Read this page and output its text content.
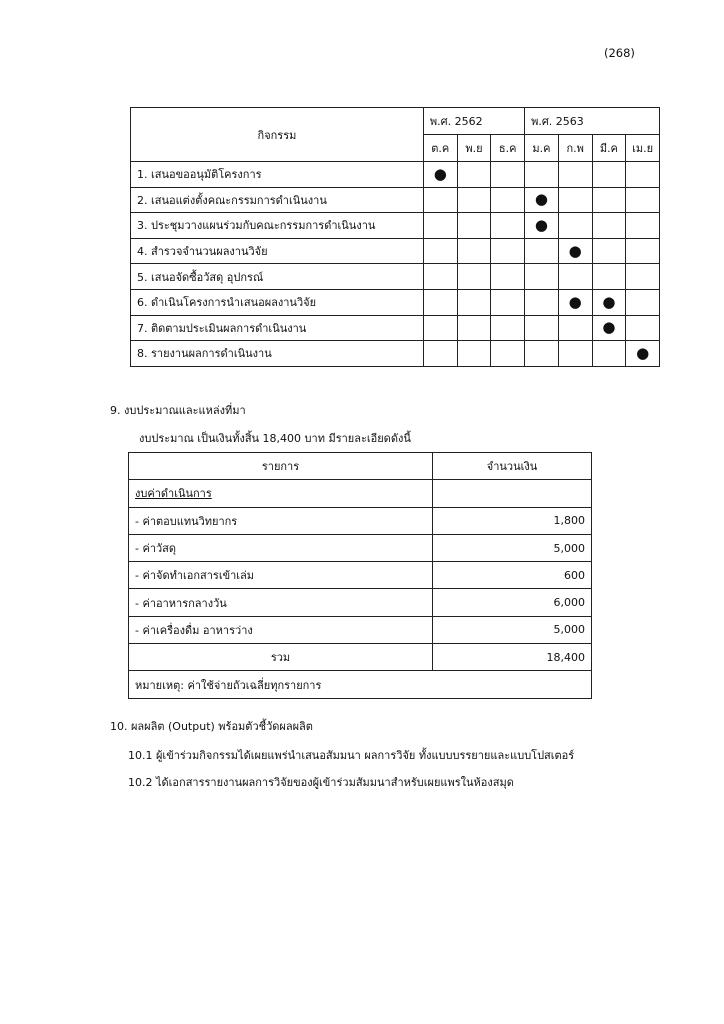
(268)
กิจกรรม	พ.ศ. 2562			พ.ศ. 2563			
	ต.ค	พ.ย	ธ.ค	ม.ค	ก.พ	มี.ค	เม.ย
1. เสนอขออนุมัติโครงการ	●						
2. เสนอแต่งตั้งคณะกรรมการดำเนินงาน				●			
3. ประชุมวางแผนร่วมกับคณะกรรมการดำเนินงาน				●			
4. สำรวจจำนวนผลงานวิจัย					●		
5. เสนอจัดซื้อวัสดุ อุปกรณ์							
6. ดำเนินโครงการนำเสนอผลงานวิจัย					●	●	
7. ติดตามประเมินผลการดำเนินงาน						●	
8. รายงานผลการดำเนินงาน							●
9. งบประมาณและแหล่งที่มา
งบประมาณ เป็นเงินทั้งสิ้น 18,400 บาท มีรายละเอียดดังนี้
รายการ	จำนวนเงิน
งบค่าดำเนินการ	
- ค่าตอบแทนวิทยากร	1,800
- ค่าวัสดุ	5,000
- ค่าจัดทำเอกสารเข้าเล่ม	600
- ค่าอาหารกลางวัน	6,000
- ค่าเครื่องดื่ม อาหารว่าง	5,000
รวม	18,400
หมายเหตุ: ค่าใช้จ่ายถัวเฉลี่ยทุกรายการ	
10. ผลผลิต (Output) พร้อมตัวชี้วัดผลผลิต
10.1 ผู้เข้าร่วมกิจกรรมได้เผยแพร่นำเสนอสัมมนา ผลการวิจัย ทั้งแบบบรรยายและแบบโปสเตอร์
10.2 ได้เอกสารรายงานผลการวิจัยของผู้เข้าร่วมสัมมนาสำหรับเผยแพรในห้องสมุด
